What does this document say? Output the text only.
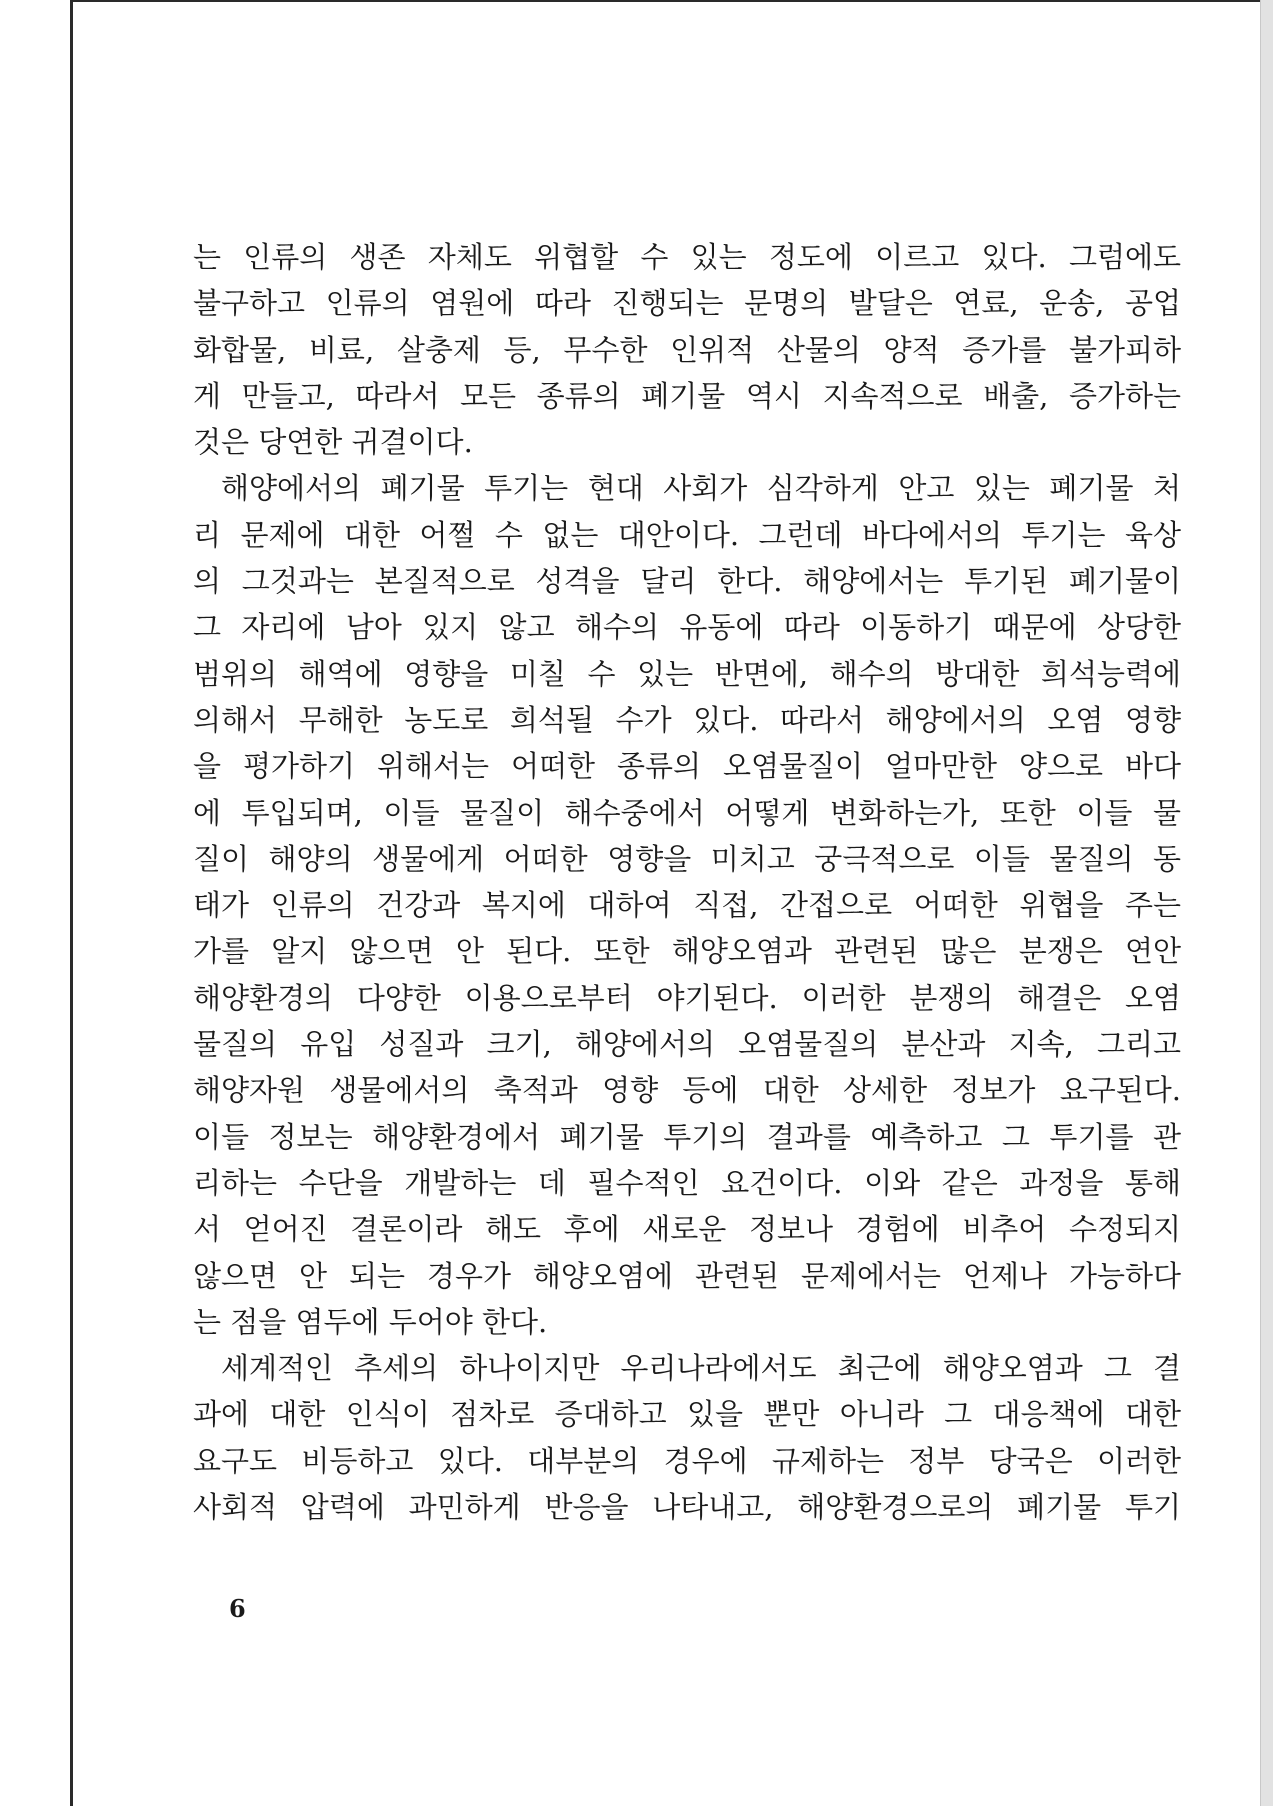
는 인류의 생존 자체도 위협할 수 있는 정도에 이르고 있다. 그럼에도
불구하고 인류의 염원에 따라 진행되는 문명의 발달은 연료, 운송, 공업
화합물, 비료, 살충제 등, 무수한 인위적 산물의 양적 증가를 불가피하
게 만들고, 따라서 모든 종류의 폐기물 역시 지속적으로 배출, 증가하는
것은 당연한 귀결이다.
해양에서의 폐기물 투기는 현대 사회가 심각하게 안고 있는 폐기물 처
리 문제에 대한 어쩔 수 없는 대안이다. 그런데 바다에서의 투기는 육상
의 그것과는 본질적으로 성격을 달리 한다. 해양에서는 투기된 폐기물이
그 자리에 남아 있지 않고 해수의 유동에 따라 이동하기 때문에 상당한
범위의 해역에 영향을 미칠 수 있는 반면에, 해수의 방대한 희석능력에
의해서 무해한 농도로 희석될 수가 있다. 따라서 해양에서의 오염 영향
을 평가하기 위해서는 어떠한 종류의 오염물질이 얼마만한 양으로 바다
에 투입되며, 이들 물질이 해수중에서 어떻게 변화하는가, 또한 이들 물
질이 해양의 생물에게 어떠한 영향을 미치고 궁극적으로 이들 물질의 동
태가 인류의 건강과 복지에 대하여 직접, 간접으로 어떠한 위협을 주는
가를 알지 않으면 안 된다. 또한 해양오염과 관련된 많은 분쟁은 연안
해양환경의 다양한 이용으로부터 야기된다. 이러한 분쟁의 해결은 오염
물질의 유입 성질과 크기, 해양에서의 오염물질의 분산과 지속, 그리고
해양자원 생물에서의 축적과 영향 등에 대한 상세한 정보가 요구된다.
이들 정보는 해양환경에서 폐기물 투기의 결과를 예측하고 그 투기를 관
리하는 수단을 개발하는 데 필수적인 요건이다. 이와 같은 과정을 통해
서 얻어진 결론이라 해도 후에 새로운 정보나 경험에 비추어 수정되지
않으면 안 되는 경우가 해양오염에 관련된 문제에서는 언제나 가능하다
는 점을 염두에 두어야 한다.
세계적인 추세의 하나이지만 우리나라에서도 최근에 해양오염과 그 결
과에 대한 인식이 점차로 증대하고 있을 뿐만 아니라 그 대응책에 대한
요구도 비등하고 있다. 대부분의 경우에 규제하는 정부 당국은 이러한
사회적 압력에 과민하게 반응을 나타내고, 해양환경으로의 폐기물 투기
6
